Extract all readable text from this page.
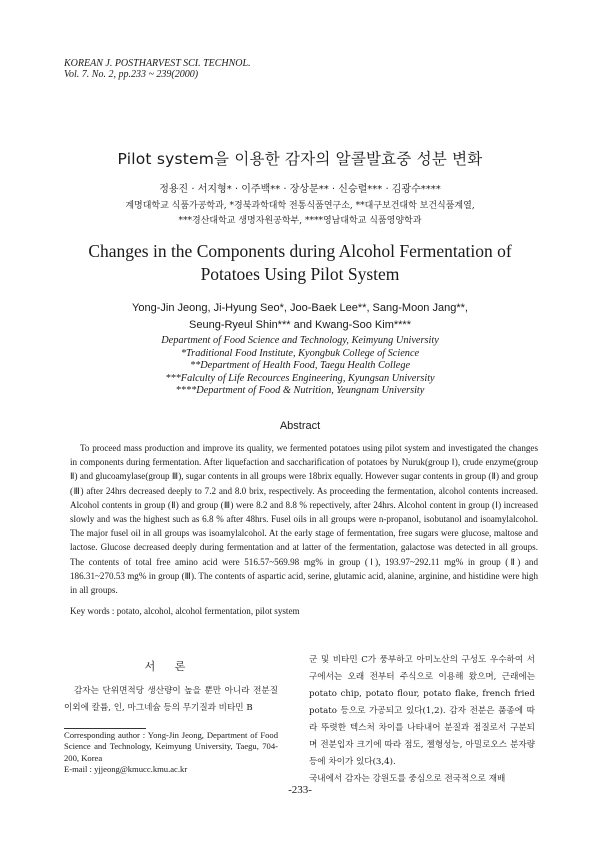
KOREAN J. POSTHARVEST SCI. TECHNOL.
Vol. 7. No. 2, pp.233 ~ 239(2000)
Pilot system을 이용한 감자의 알콜발효중 성분 변화
정용진 · 서지형* · 이주백** · 장상문** · 신승렬*** · 김광수****
계명대학교 식품가공학과, *경북과학대학 전통식품연구소, **대구보건대학 보건식품계열,
***경산대학교 생명자원공학부, ****영남대학교 식품영양학과
Changes in the Components during Alcohol Fermentation of
Potatoes Using Pilot System
Yong-Jin Jeong, Ji-Hyung Seo*, Joo-Baek Lee**, Sang-Moon Jang**,
Seung-Ryeul Shin*** and Kwang-Soo Kim****
Department of Food Science and Technology, Keimyung University
*Traditional Food Institute, Kyongbuk College of Science
**Department of Health Food, Taegu Health College
***Falculty of Life Recources Engineering, Kyungsan University
****Department of Food & Nutrition, Yeungnam University
Abstract
To proceed mass production and improve its quality, we fermented potatoes using pilot system and investigated the changes in components during fermentation. After liquefaction and saccharification of potatoes by Nuruk(group Ⅰ), crude enzyme(group Ⅱ) and glucoamylase(group Ⅲ), sugar contents in all groups were 18brix equally. However sugar contents in group (Ⅱ) and group (Ⅲ) after 24hrs decreased deeply to 7.2 and 8.0 brix, respectively. As proceeding the fermentation, alcohol contents increased. Alcohol contents in group (Ⅱ) and group (Ⅲ) were 8.2 and 8.8 % repectively, after 24hrs. Alcohol content in group (Ⅰ) increased slowly and was the highest such as 6.8 % after 48hrs. Fusel oils in all groups were n-propanol, isobutanol and isoamylalcohol. The major fusel oil in all groups was isoamylalcohol. At the early stage of fermentation, free sugars were glucose, maltose and lactose. Glucose decreased deeply during fermentation and at latter of the fermentation, galactose was detected in all groups. The contents of total free amino acid were 516.57~569.98 mg% in group (Ⅰ), 193.97~292.11 mg% in group (Ⅱ) and 186.31~270.53 mg% in group (Ⅲ). The contents of aspartic acid, serine, glutamic acid, alanine, arginine, and histidine were high in all groups.
Key words : potato, alcohol, alcohol fermentation, pilot system
서 론
감자는 단위면적당 생산량이 높을 뿐만 아니라 전분질 이외에 칼륨, 인, 마그네슘 등의 무기질과 비타민 B
Corresponding author : Yong-Jin Jeong, Department of Food Science and Technology, Keimyung University, Taegu, 704-200, Korea
E-mail : yjjeong@kmucc.kmu.ac.kr
군 및 비타민 C가 풍부하고 아미노산의 구성도 우수하여 서구에서는 오래 전부터 주식으로 이용해 왔으며, 근래에는 potato chip, potato flour, potato flake, french fried potato 등으로 가공되고 있다(1,2). 감자 전분은 품종에 따라 뚜렷한 텍스처 차이를 나타내어 분질과 점질로서 구분되며 전분입자 크기에 따라 점도, 젤형성능, 아밀로오스 분자량 등에 차이가 있다(3,4).
국내에서 감자는 강원도를 중심으로 전국적으로 재배
-233-
